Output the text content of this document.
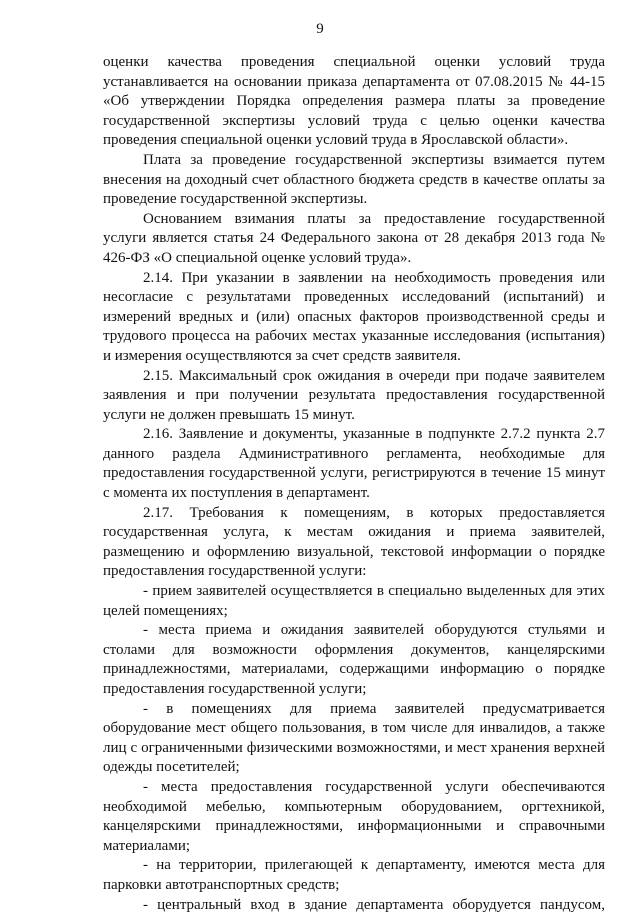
9

оценки качества проведения специальной оценки условий труда устанавливается на основании приказа департамента от 07.08.2015 № 44-15 «Об утверждении Порядка определения размера платы за проведение государственной экспертизы условий труда с целью оценки качества проведения специальной оценки условий труда в Ярославской области».

Плата за проведение государственной экспертизы взимается путем внесения на доходный счет областного бюджета средств в качестве оплаты за проведение государственной экспертизы.

Основанием взимания платы за предоставление государственной услуги является статья 24 Федерального закона от 28 декабря 2013 года № 426-ФЗ «О специальной оценке условий труда».

2.14. При указании в заявлении на необходимость проведения или несогласие с результатами проведенных исследований (испытаний) и измерений вредных и (или) опасных факторов производственной среды и трудового процесса на рабочих местах указанные исследования (испытания) и измерения осуществляются за счет средств заявителя.

2.15. Максимальный срок ожидания в очереди при подаче заявителем заявления и при получении результата предоставления государственной услуги не должен превышать 15 минут.

2.16. Заявление и документы, указанные в подпункте 2.7.2 пункта 2.7 данного раздела Административного регламента, необходимые для предоставления государственной услуги, регистрируются в течение 15 минут с момента их поступления в департамент.

2.17. Требования к помещениям, в которых предоставляется государственная услуга, к местам ожидания и приема заявителей, размещению и оформлению визуальной, текстовой информации о порядке предоставления государственной услуги:

- прием заявителей осуществляется в специально выделенных для этих целей помещениях;

- места приема и ожидания заявителей оборудуются стульями и столами для возможности оформления документов, канцелярскими принадлежностями, материалами, содержащими информацию о порядке предоставления государственной услуги;

- в помещениях для приема заявителей предусматривается оборудование мест общего пользования, в том числе для инвалидов, а также лиц с ограниченными физическими возможностями, и мест хранения верхней одежды посетителей;

- места предоставления государственной услуги обеспечиваются необходимой мебелью, компьютерным оборудованием, оргтехникой, канцелярскими принадлежностями, информационными и справочными материалами;

- на территории, прилегающей к департаменту, имеются места для парковки автотранспортных средств;

- центральный вход в здание департамента оборудуется пандусом,
